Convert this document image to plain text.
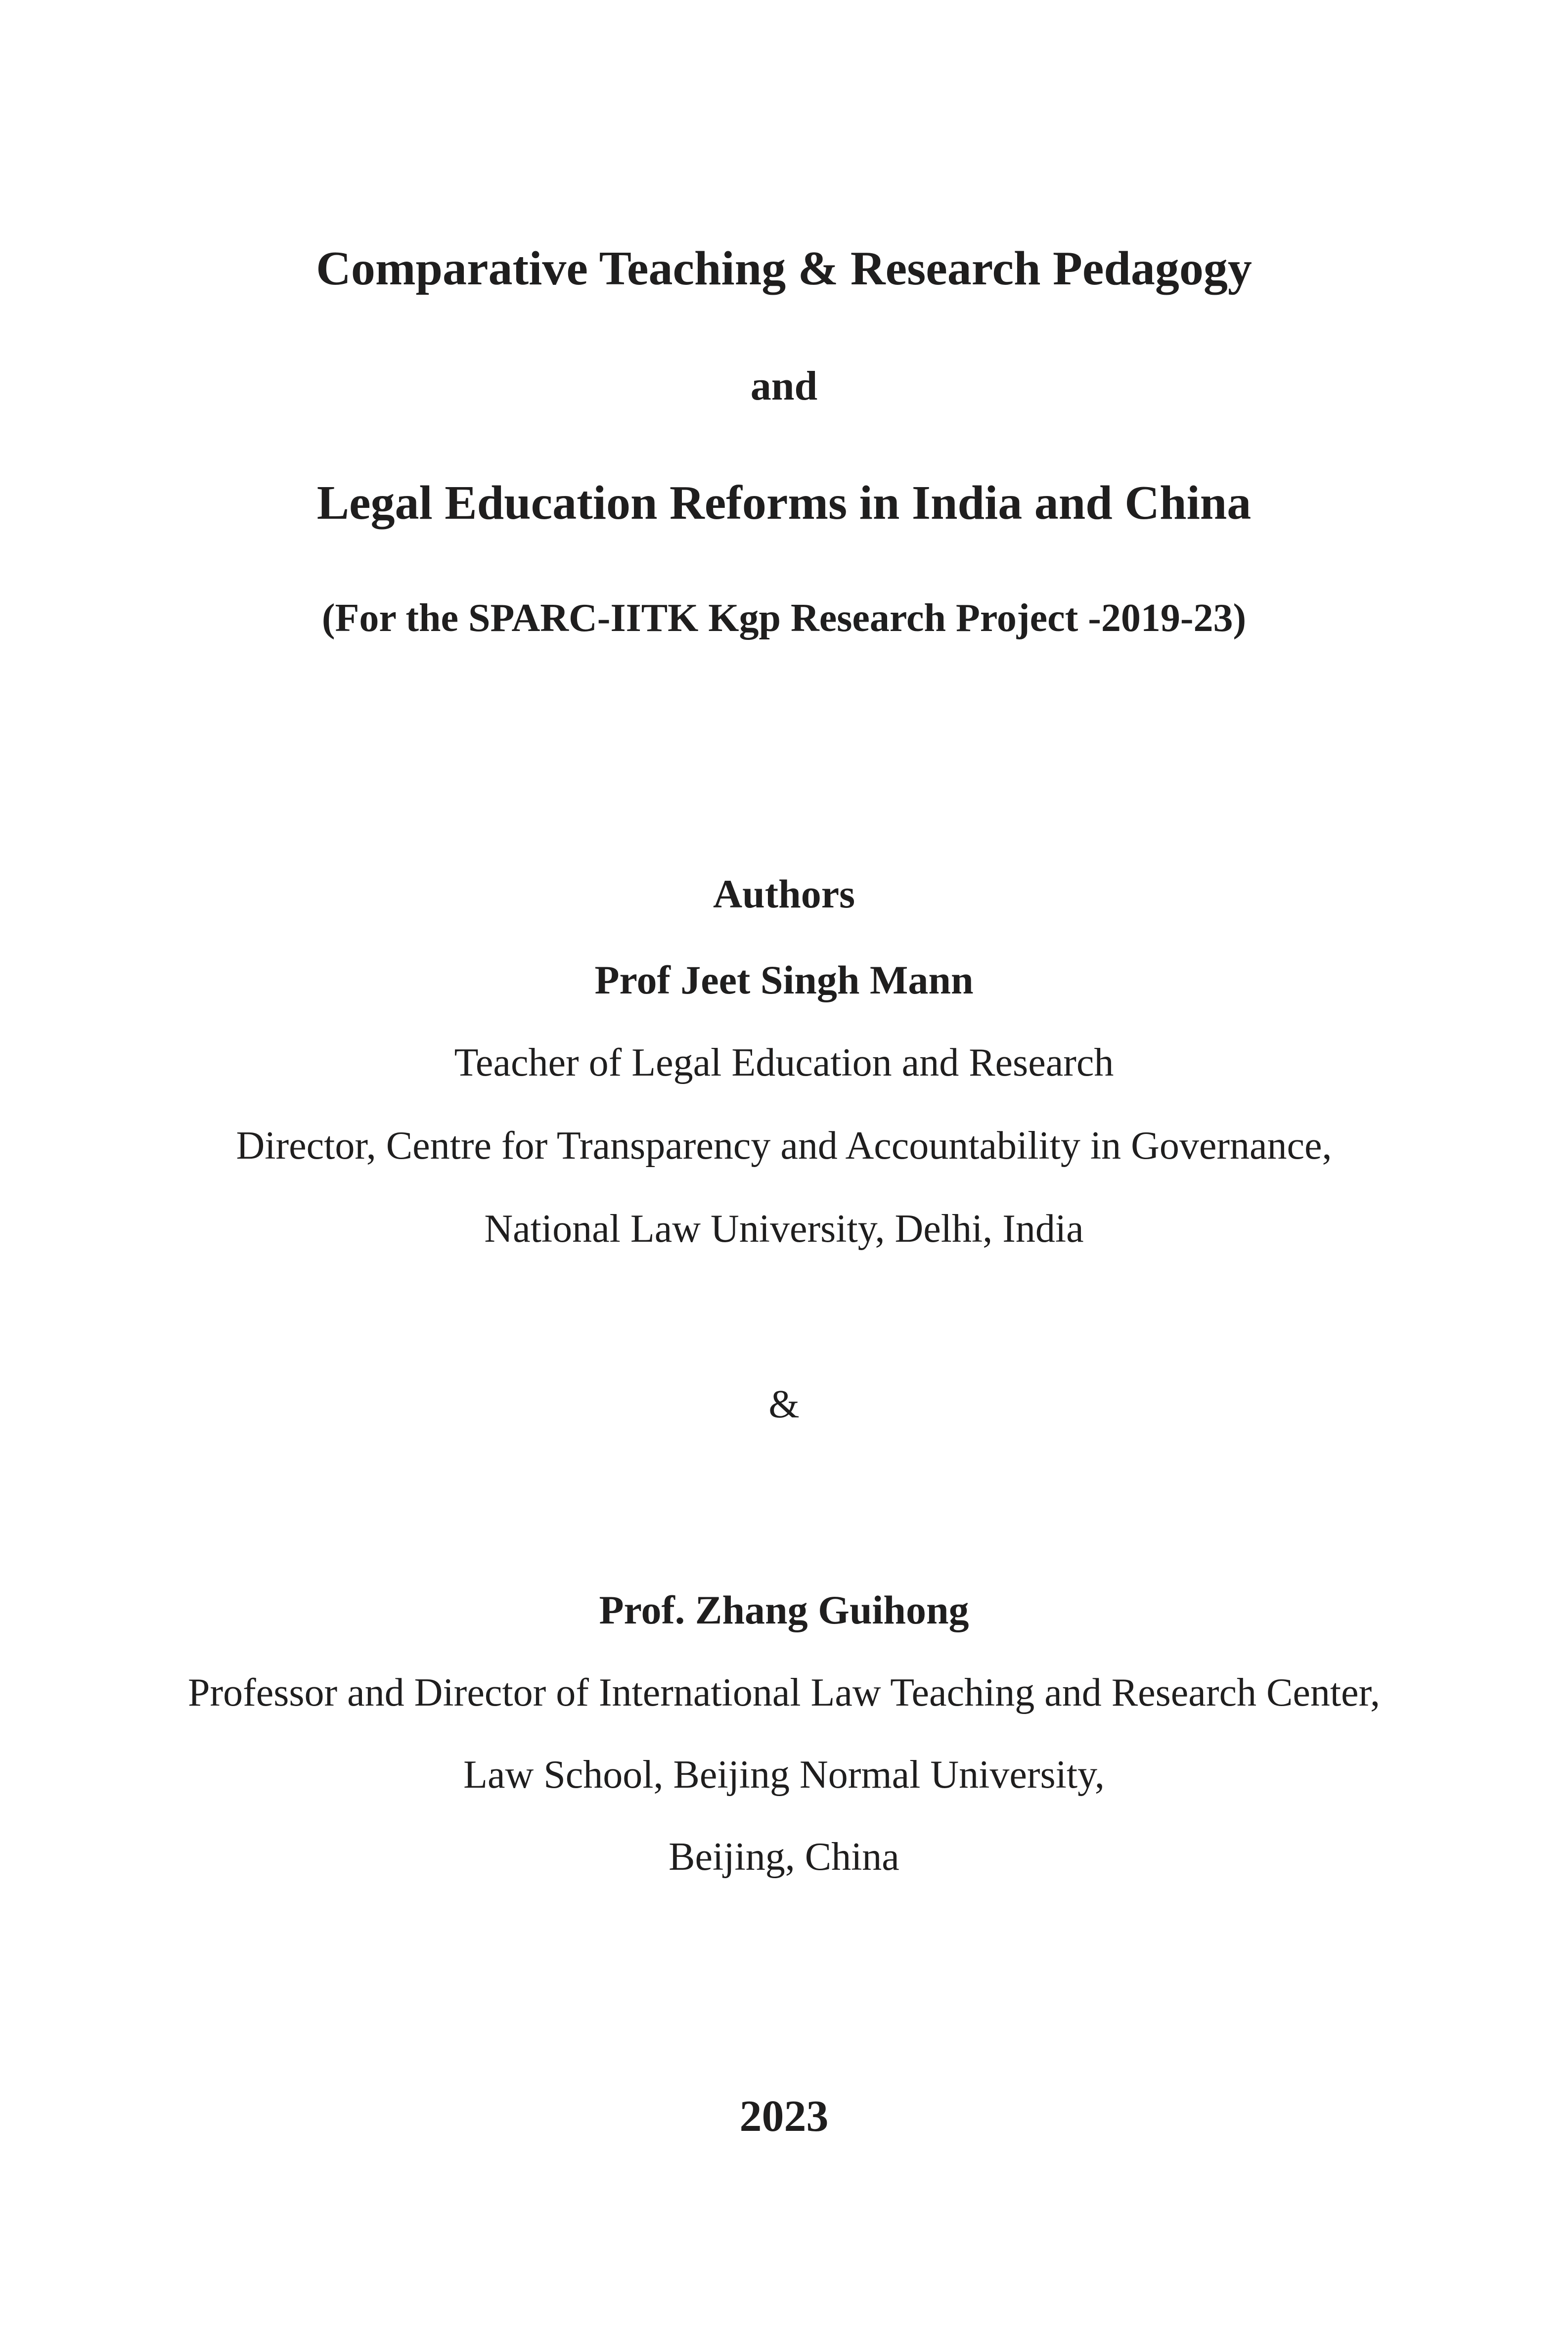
Comparative Teaching & Research Pedagogy
and
Legal Education Reforms in India and China
(For the SPARC-IITK Kgp Research Project -2019-23)
Authors
Prof Jeet Singh Mann
Teacher of Legal Education and Research
Director, Centre for Transparency and Accountability in Governance,
National Law University, Delhi, India
&
Prof. Zhang Guihong
Professor and Director of International Law Teaching and Research Center,
Law School, Beijing Normal University,
Beijing, China
2023
